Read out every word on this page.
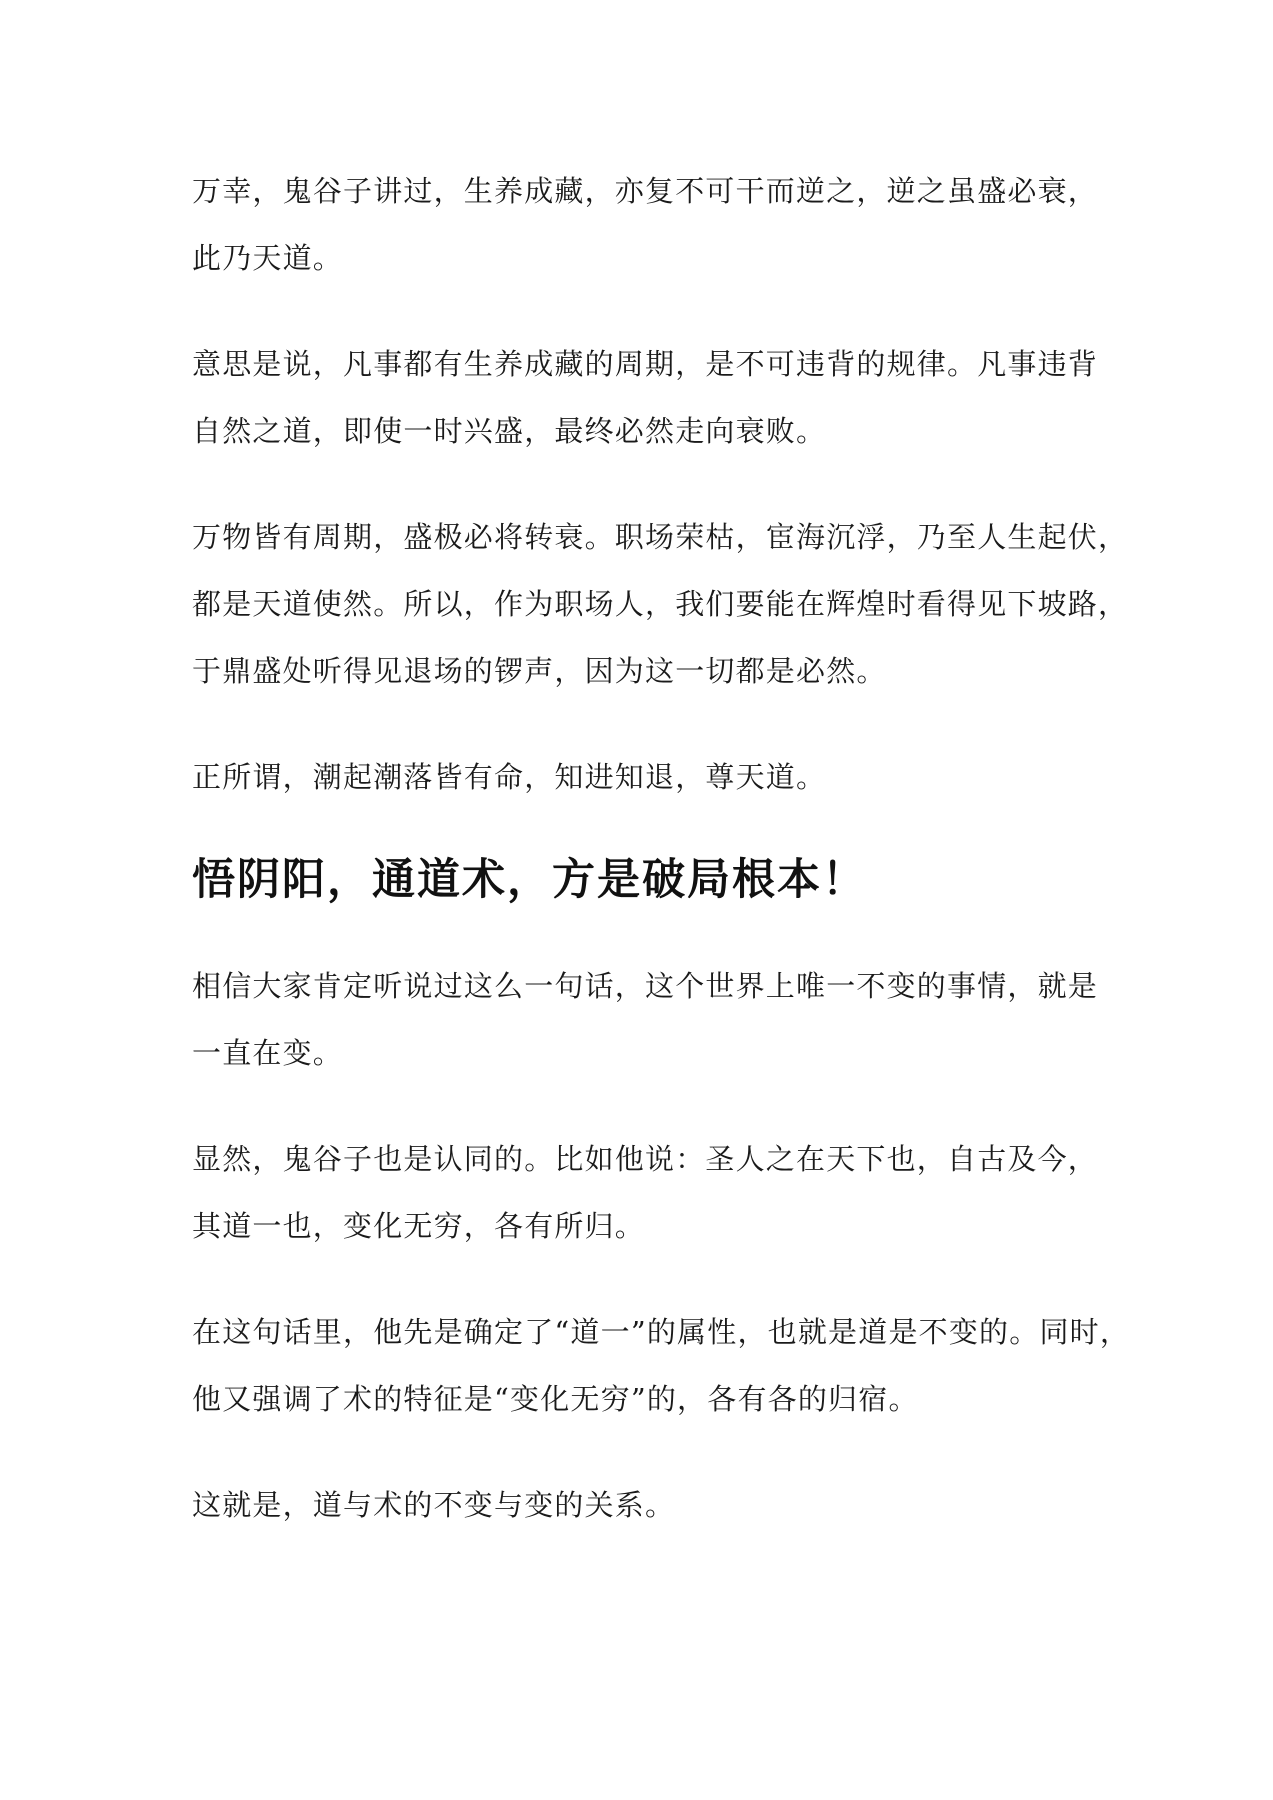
万幸，鬼谷子讲过，生养成藏，亦复不可干而逆之，逆之虽盛必衰，
此乃天道。
意思是说，凡事都有生养成藏的周期，是不可违背的规律。凡事违背
自然之道，即使一时兴盛，最终必然走向衰败。
万物皆有周期，盛极必将转衰。职场荣枯，宦海沉浮，乃至人生起伏，
都是天道使然。所以，作为职场人，我们要能在辉煌时看得见下坡路，
于鼎盛处听得见退场的锣声，因为这一切都是必然。
正所谓，潮起潮落皆有命，知进知退，尊天道。
悟阴阳，通道术，方是破局根本！
相信大家肯定听说过这么一句话，这个世界上唯一不变的事情，就是
一直在变。
显然，鬼谷子也是认同的。比如他说：圣人之在天下也，自古及今，
其道一也，变化无穷，各有所归。
在这句话里，他先是确定了“道一”的属性，也就是道是不变的。同时，
他又强调了术的特征是“变化无穷”的，各有各的归宿。
这就是，道与术的不变与变的关系。
